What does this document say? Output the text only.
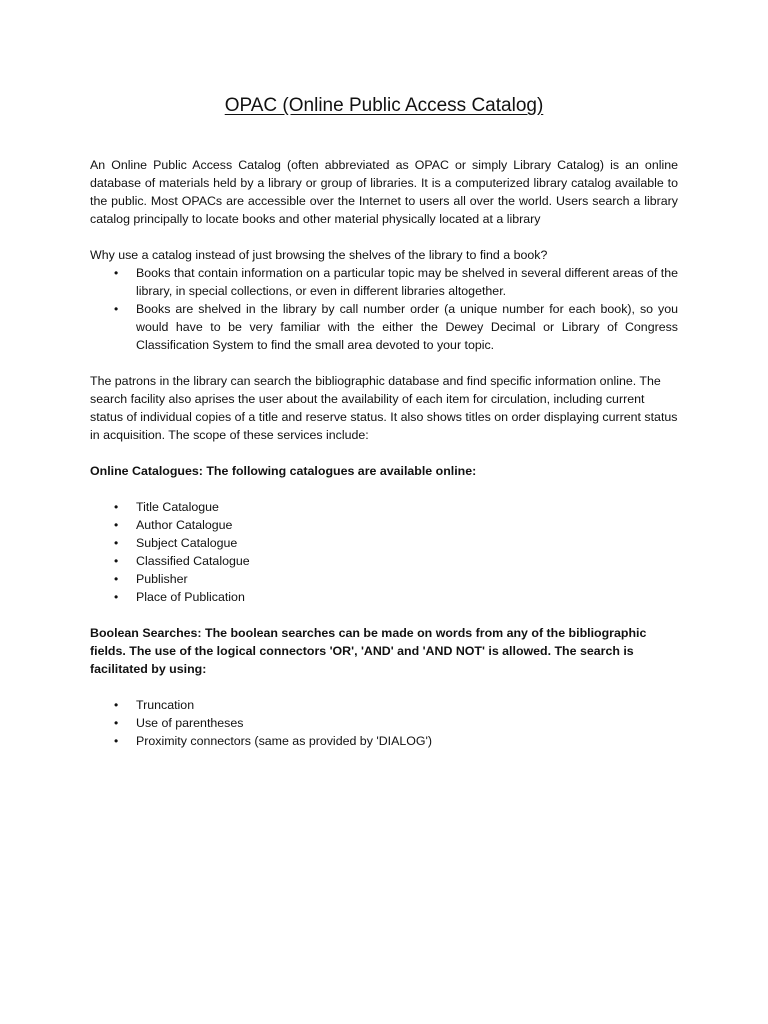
OPAC (Online Public Access Catalog)

An Online Public Access Catalog (often abbreviated as OPAC or simply Library Catalog) is an online database of materials held by a library or group of libraries. It is a computerized library catalog available to the public. Most OPACs are accessible over the Internet to users all over the world. Users search a library catalog principally to locate books and other material physically located at a library

Why use a catalog instead of just browsing the shelves of the library to find a book?

• Books that contain information on a particular topic may be shelved in several different areas of the library, in special collections, or even in different libraries altogether.
• Books are shelved in the library by call number order (a unique number for each book), so you would have to be very familiar with the either the Dewey Decimal or Library of Congress Classification System to find the small area devoted to your topic.

The patrons in the library can search the bibliographic database and find specific information online. The search facility also aprises the user about the availability of each item for circulation, including current status of individual copies of a title and reserve status. It also shows titles on order displaying current status in acquisition. The scope of these services include:

Online Catalogues: The following catalogues are available online:

• Title Catalogue
• Author Catalogue
• Subject Catalogue
• Classified Catalogue
• Publisher
• Place of Publication

Boolean Searches: The boolean searches can be made on words from any of the bibliographic fields. The use of the logical connectors 'OR', 'AND' and 'AND NOT' is allowed. The search is facilitated by using:

• Truncation
• Use of parentheses
• Proximity connectors (same as provided by 'DIALOG')
